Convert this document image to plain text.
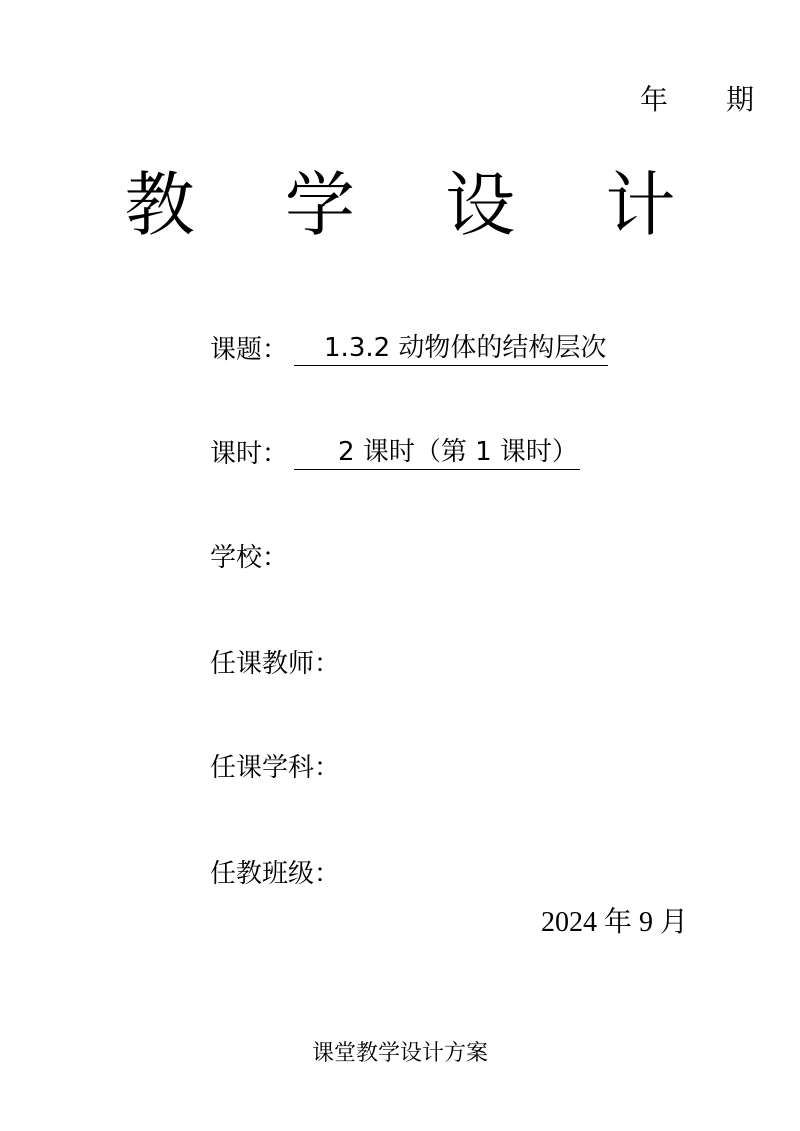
年 期
教 学 设 计
课题：	1.3.2 动物体的结构层次
课时：	2 课时（第 1 课时）
学校：
任课教师：
任课学科：
任教班级：
2024 年 9 月
课堂教学设计方案
